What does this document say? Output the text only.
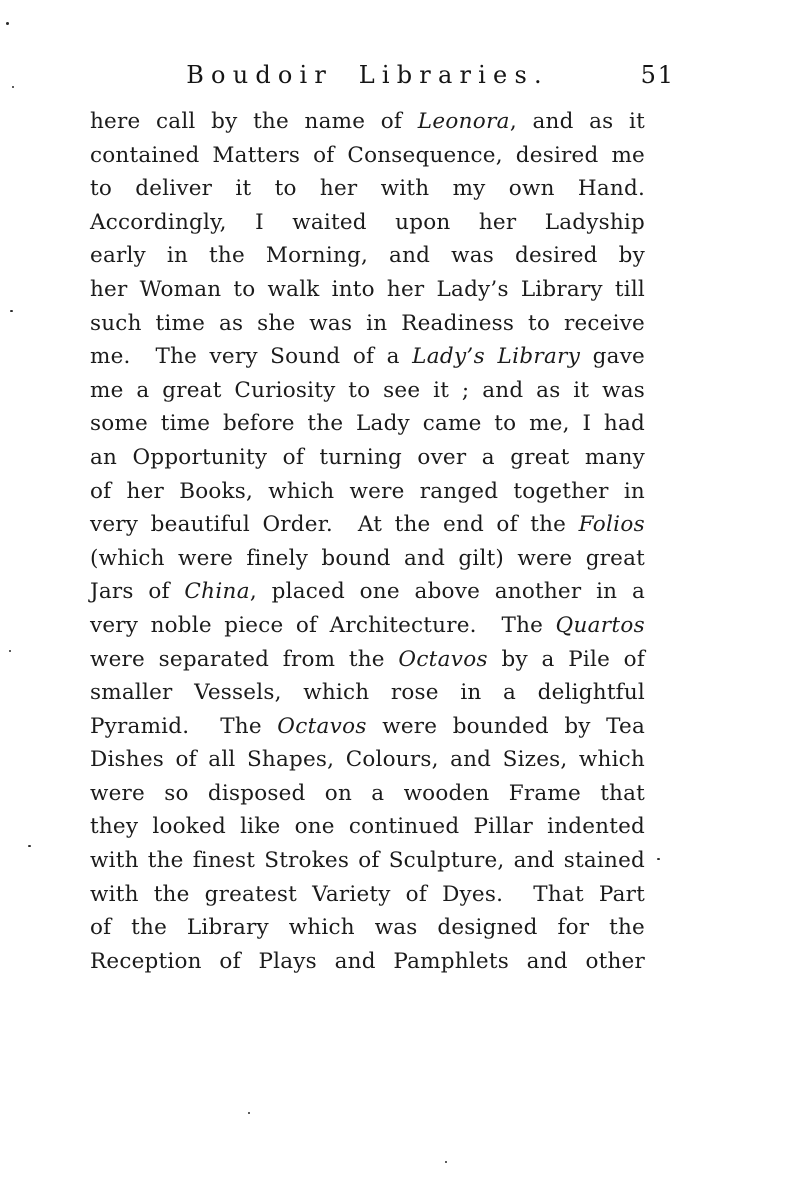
Boudoir Libraries.	51
here call by the name of Leonora, and as it
contained Matters of Consequence, desired me
to deliver it to her with my own Hand.
Accordingly, I waited upon her Ladyship
early in the Morning, and was desired by
her Woman to walk into her Lady’s Library till
such time as she was in Readiness to receive
me.  The very Sound of a Lady’s Library gave
me a great Curiosity to see it ; and as it was
some time before the Lady came to me, I had
an Opportunity of turning over a great many
of her Books, which were ranged together in
very beautiful Order.  At the end of the Folios
(which were finely bound and gilt) were great
Jars of China, placed one above another in a
very noble piece of Architecture.  The Quartos
were separated from the Octavos by a Pile of
smaller Vessels, which rose in a delightful
Pyramid.  The Octavos were bounded by Tea
Dishes of all Shapes, Colours, and Sizes, which
were so disposed on a wooden Frame that
they looked like one continued Pillar indented
with the finest Strokes of Sculpture, and stained
with the greatest Variety of Dyes.  That Part
of the Library which was designed for the
Reception of Plays and Pamphlets and other
